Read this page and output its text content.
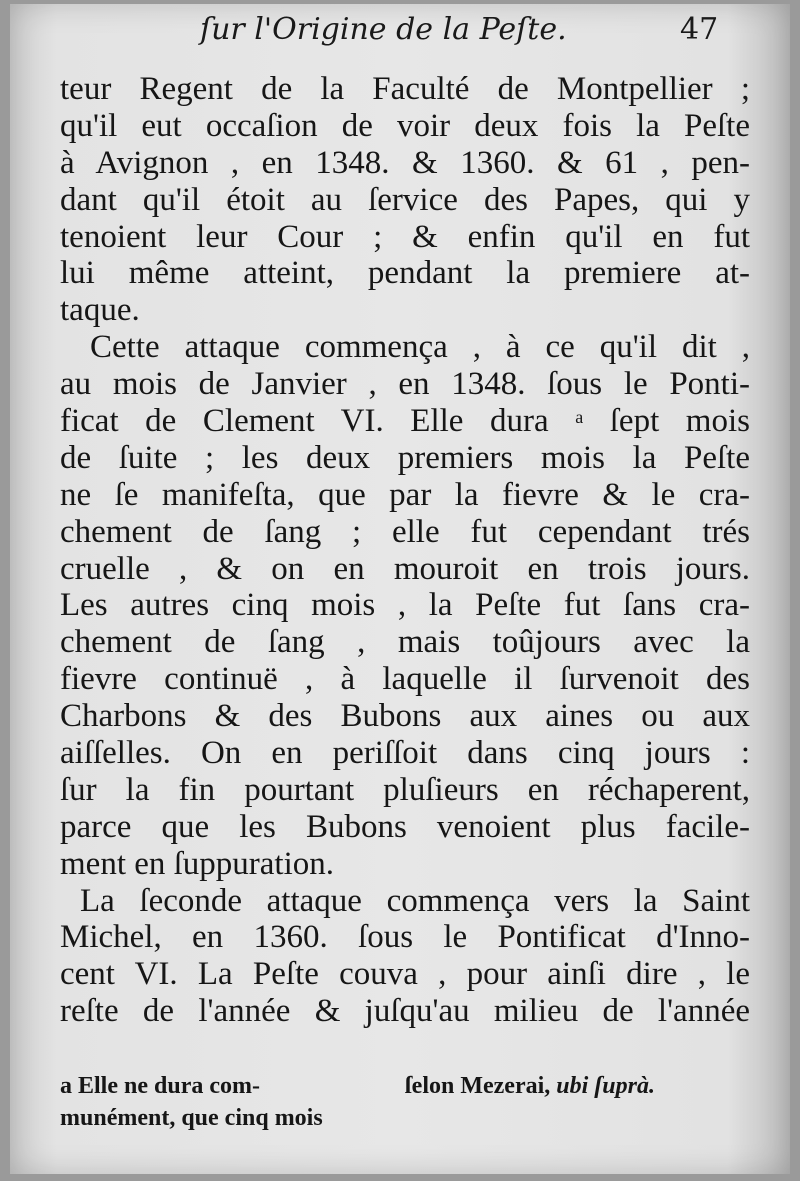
ſur l'Origine de la Peſte.	47
teur Regent de la Faculté de Montpellier ;
qu'il eut occaſion de voir deux fois la Peſte
à Avignon , en 1348. & 1360. & 61 , pen-
dant qu'il étoit au ſervice des Papes, qui y
tenoient leur Cour ; & enfin qu'il en fut
lui même atteint, pendant la premiere at-
taque.
Cette attaque commença , à ce qu'il dit ,
au mois de Janvier , en 1348. ſous le Ponti-
ficat de Clement VI. Elle dura $^a$ ſept mois
de ſuite ; les deux premiers mois la Peſte
ne ſe manifeſta, que par la fievre & le cra-
chement de ſang ; elle fut cependant trés
cruelle , & on en mouroit en trois jours.
Les autres cinq mois , la Peſte fut ſans cra-
chement de ſang , mais toûjours avec la
fievre continuë , à laquelle il ſurvenoit des
Charbons & des Bubons aux aines ou aux
aiſſelles. On en periſſoit dans cinq jours :
ſur la fin pourtant pluſieurs en réchaperent,
parce que les Bubons venoient plus facile-
ment en ſuppuration.
La ſeconde attaque commença vers la Saint
Michel, en 1360. ſous le Pontificat d'Inno-
cent VI. La Peſte couva , pour ainſi dire , le
reſte de l'année & juſqu'au milieu de l'année
a Elle ne dura com-
munément, que cinq mois
ſelon Mezerai, ubi ſuprà.
